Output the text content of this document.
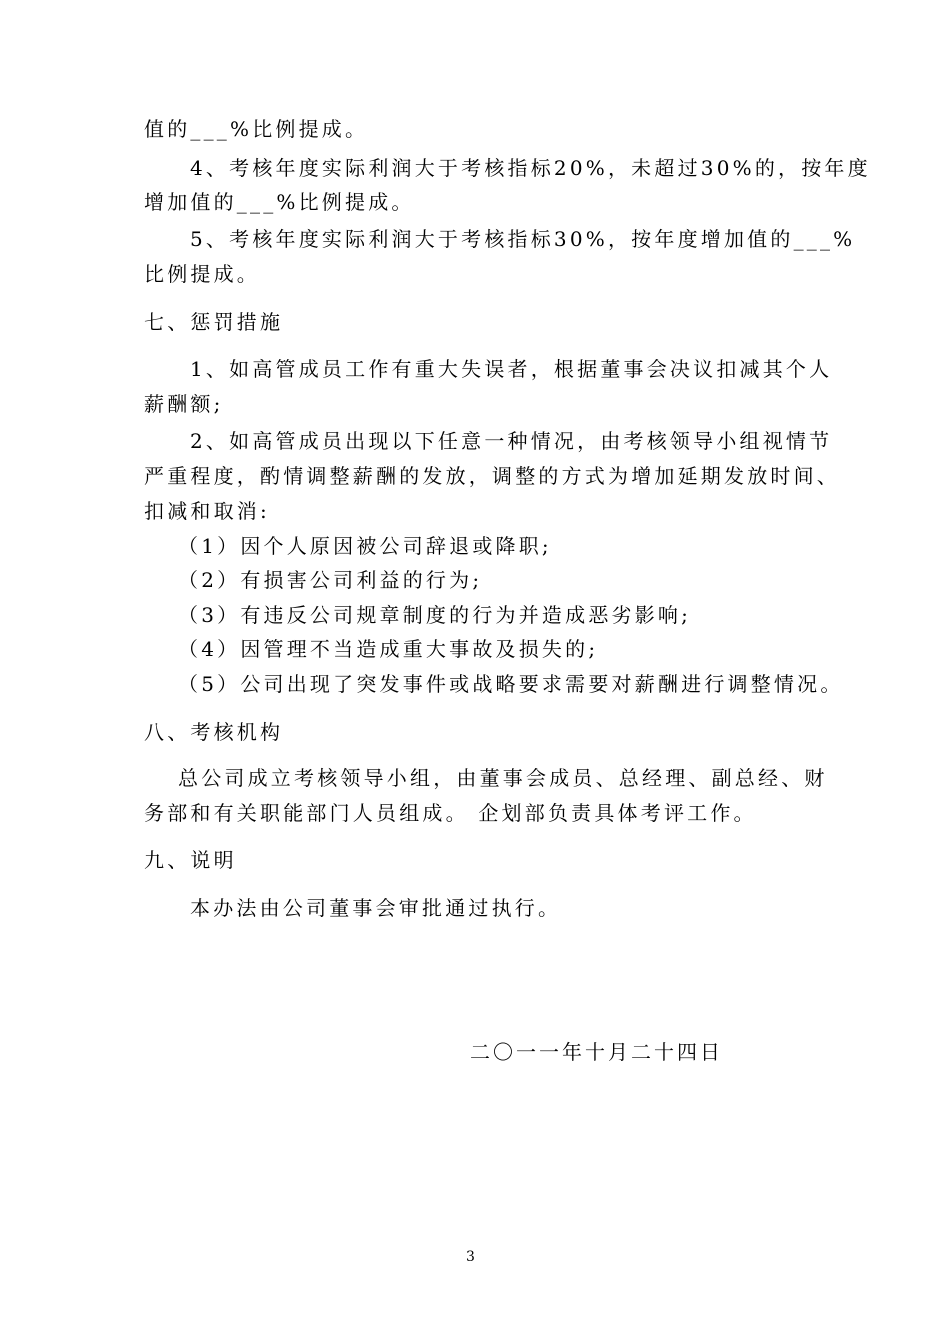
值的___%比例提成。
4、考核年度实际利润大于考核指标20%，未超过30%的，按年度
增加值的___%比例提成。
5、考核年度实际利润大于考核指标30%，按年度增加值的___%
比例提成。
七、惩罚措施
1、如高管成员工作有重大失误者，根据董事会决议扣减其个人
薪酬额;
2、如高管成员出现以下任意一种情况，由考核领导小组视情节
严重程度，酌情调整薪酬的发放，调整的方式为增加延期发放时间、
扣减和取消:
（1）因个人原因被公司辞退或降职;
（2）有损害公司利益的行为;
（3）有违反公司规章制度的行为并造成恶劣影响;
（4）因管理不当造成重大事故及损失的;
（5）公司出现了突发事件或战略要求需要对薪酬进行调整情况。
八、考核机构
总公司成立考核领导小组，由董事会成员、总经理、副总经、财
务部和有关职能部门人员组成。 企划部负责具体考评工作。
九、说明
本办法由公司董事会审批通过执行。
二〇一一年十月二十四日
3
